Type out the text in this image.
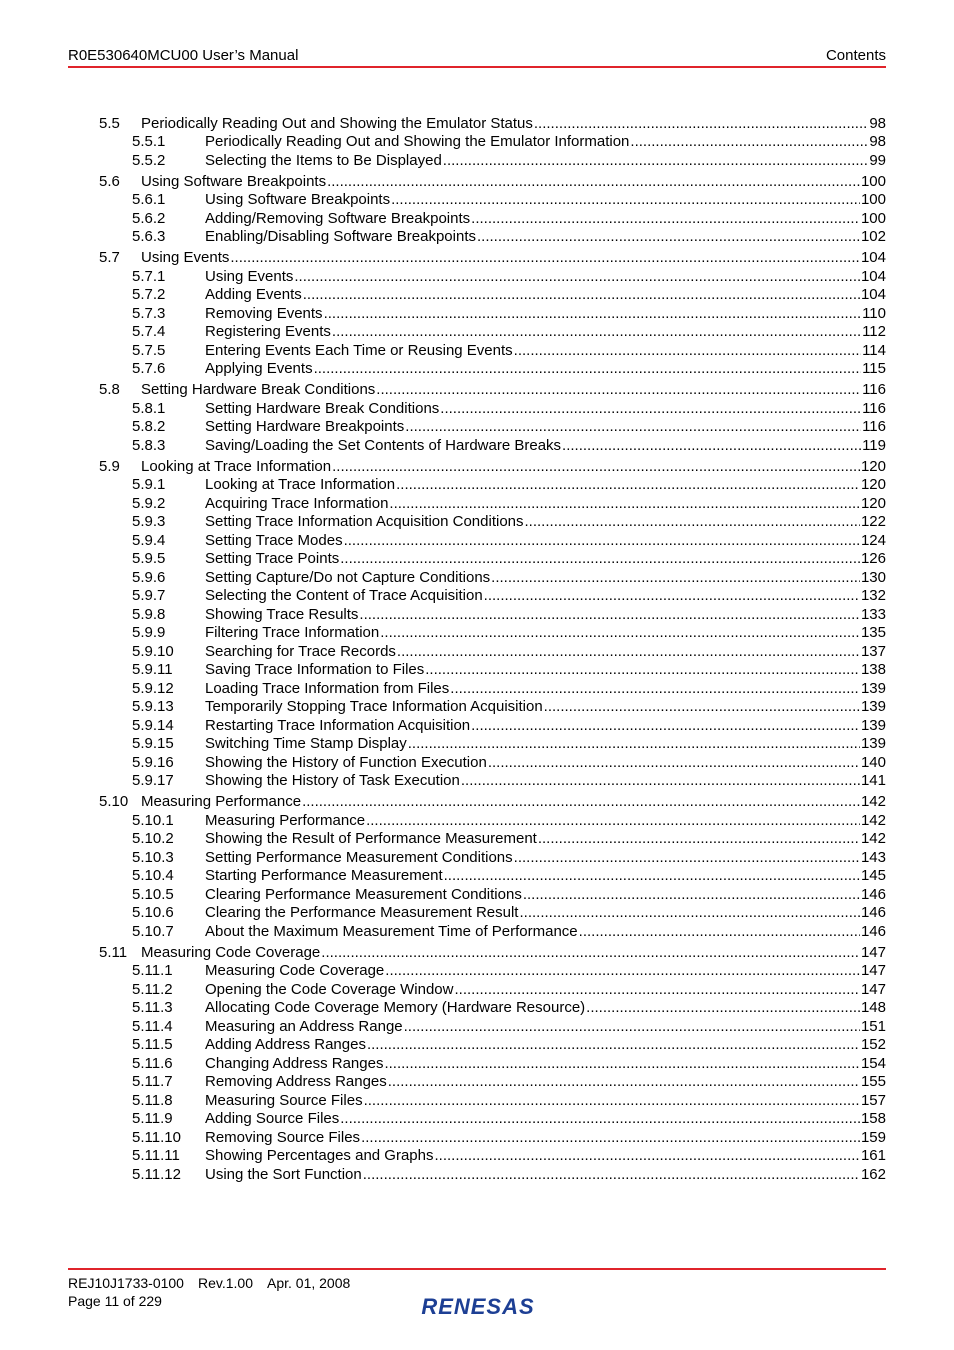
R0E530640MCU00 User’s Manual	Contents
5.5	Periodically Reading Out and Showing the Emulator Status .....	98
5.5.1	Periodically Reading Out and Showing the Emulator Information .....	98
5.5.2	Selecting the Items to Be Displayed .....	99
5.6	Using Software Breakpoints .....	100
5.6.1	Using Software Breakpoints .....	100
5.6.2	Adding/Removing Software Breakpoints .....	100
5.6.3	Enabling/Disabling Software Breakpoints .....	102
5.7	Using Events .....	104
5.7.1	Using Events .....	104
5.7.2	Adding Events .....	104
5.7.3	Removing Events .....	110
5.7.4	Registering Events .....	112
5.7.5	Entering Events Each Time or Reusing Events .....	114
5.7.6	Applying Events .....	115
5.8	Setting Hardware Break Conditions .....	116
5.8.1	Setting Hardware Break Conditions .....	116
5.8.2	Setting Hardware Breakpoints .....	116
5.8.3	Saving/Loading the Set Contents of Hardware Breaks .....	119
5.9	Looking at Trace Information .....	120
5.9.1	Looking at Trace Information .....	120
5.9.2	Acquiring Trace Information .....	120
5.9.3	Setting Trace Information Acquisition Conditions .....	122
5.9.4	Setting Trace Modes .....	124
5.9.5	Setting Trace Points .....	126
5.9.6	Setting Capture/Do not Capture Conditions .....	130
5.9.7	Selecting the Content of Trace Acquisition .....	132
5.9.8	Showing Trace Results .....	133
5.9.9	Filtering Trace Information .....	135
5.9.10	Searching for Trace Records .....	137
5.9.11	Saving Trace Information to Files .....	138
5.9.12	Loading Trace Information from Files .....	139
5.9.13	Temporarily Stopping Trace Information Acquisition .....	139
5.9.14	Restarting Trace Information Acquisition .....	139
5.9.15	Switching Time Stamp Display .....	139
5.9.16	Showing the History of Function Execution .....	140
5.9.17	Showing the History of Task Execution .....	141
5.10 Measuring Performance .....	142
5.10.1	Measuring Performance .....	142
5.10.2	Showing the Result of Performance Measurement .....	142
5.10.3	Setting Performance Measurement Conditions .....	143
5.10.4	Starting Performance Measurement .....	145
5.10.5	Clearing Performance Measurement Conditions .....	146
5.10.6	Clearing the Performance Measurement Result .....	146
5.10.7	About the Maximum Measurement Time of Performance .....	146
5.11 Measuring Code Coverage .....	147
5.11.1	Measuring Code Coverage .....	147
5.11.2	Opening the Code Coverage Window .....	147
5.11.3	Allocating Code Coverage Memory (Hardware Resource) .....	148
5.11.4	Measuring an Address Range .....	151
5.11.5	Adding Address Ranges .....	152
5.11.6	Changing Address Ranges .....	154
5.11.7	Removing Address Ranges .....	155
5.11.8	Measuring Source Files .....	157
5.11.9	Adding Source Files .....	158
5.11.10	Removing Source Files .....	159
5.11.11	Showing Percentages and Graphs .....	161
5.11.12	Using the Sort Function .....	162
REJ10J1733-0100 Rev.1.00 Apr. 01, 2008
Page 11 of 229	RENESAS
